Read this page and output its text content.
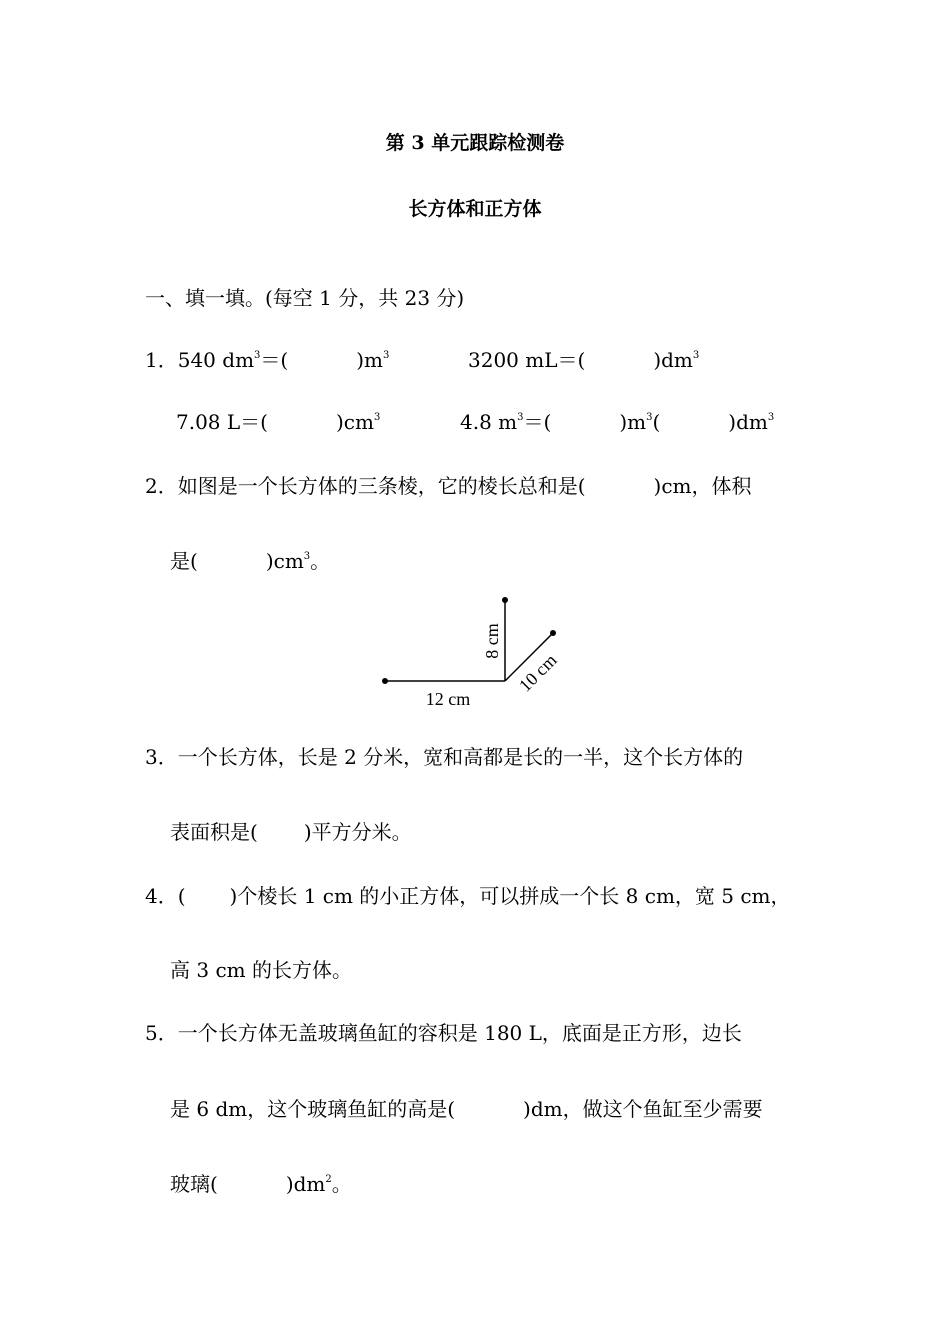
第 3 单元跟踪检测卷
长方体和正方体
一、填一填。(每空 1 分，共 23 分)
1．540 $dm^3=$(	)$m^3$	3200 mL＝(	)$dm^3$
7.08 L＝(	)$cm^3$	4.8 $m^3=$(	)$m^3$(	)$dm^3$
2．如图是一个长方体的三条棱，它的棱长总和是(	)cm，体积
是(	)$cm^3$。
12 cm
8 cm
10 cm
3．一个长方体，长是 2 分米，宽和高都是长的一半，这个长方体的
表面积是( )平方分米。
4．( )个棱长 1 cm 的小正方体，可以拼成一个长 8 cm，宽 5 cm，
高 3 cm 的长方体。
5．一个长方体无盖玻璃鱼缸的容积是 180 L，底面是正方形，边长
是 6 dm，这个玻璃鱼缸的高是(	)dm，做这个鱼缸至少需要
玻璃(	)$dm^2$。
